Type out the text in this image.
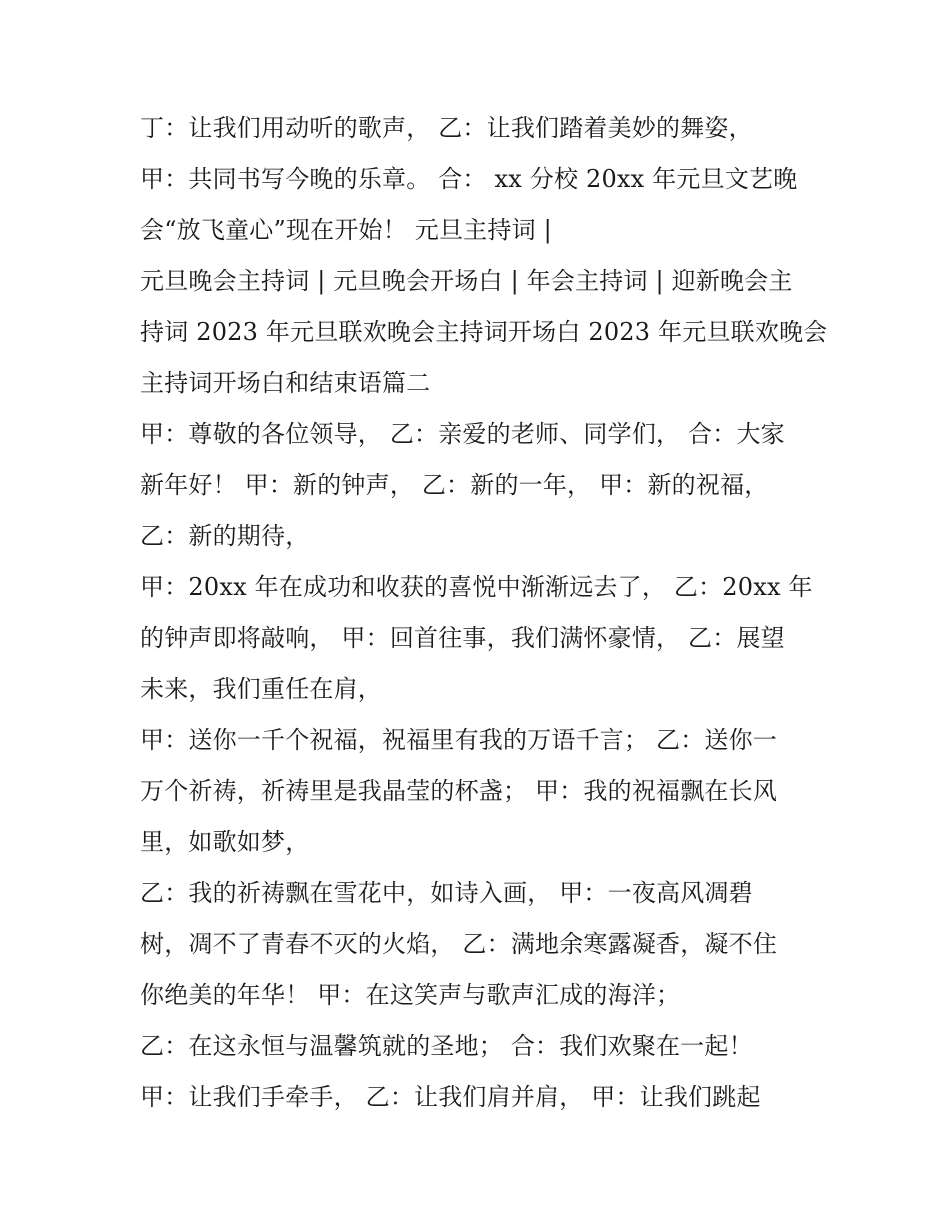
丁：让我们用动听的歌声， 乙：让我们踏着美妙的舞姿，
甲：共同书写今晚的乐章。 合： xx 分校 20xx 年元旦文艺晚
会“放飞童心”现在开始！ 元旦主持词 |
元旦晚会主持词 | 元旦晚会开场白 | 年会主持词 | 迎新晚会主
持词 2023 年元旦联欢晚会主持词开场白 2023 年元旦联欢晚会
主持词开场白和结束语篇二
甲：尊敬的各位领导， 乙：亲爱的老师、同学们， 合：大家
新年好！ 甲：新的钟声， 乙：新的一年， 甲：新的祝福，
乙：新的期待，
甲：20xx 年在成功和收获的喜悦中渐渐远去了， 乙：20xx 年
的钟声即将敲响， 甲：回首往事，我们满怀豪情， 乙：展望
未来，我们重任在肩，
甲：送你一千个祝福，祝福里有我的万语千言； 乙：送你一
万个祈祷，祈祷里是我晶莹的杯盏； 甲：我的祝福飘在长风
里，如歌如梦，
乙：我的祈祷飘在雪花中，如诗入画， 甲：一夜高风凋碧
树，凋不了青春不灭的火焰， 乙：满地余寒露凝香，凝不住
你绝美的年华！ 甲：在这笑声与歌声汇成的海洋；
乙：在这永恒与温馨筑就的圣地； 合：我们欢聚在一起！
甲：让我们手牵手， 乙：让我们肩并肩， 甲：让我们跳起
